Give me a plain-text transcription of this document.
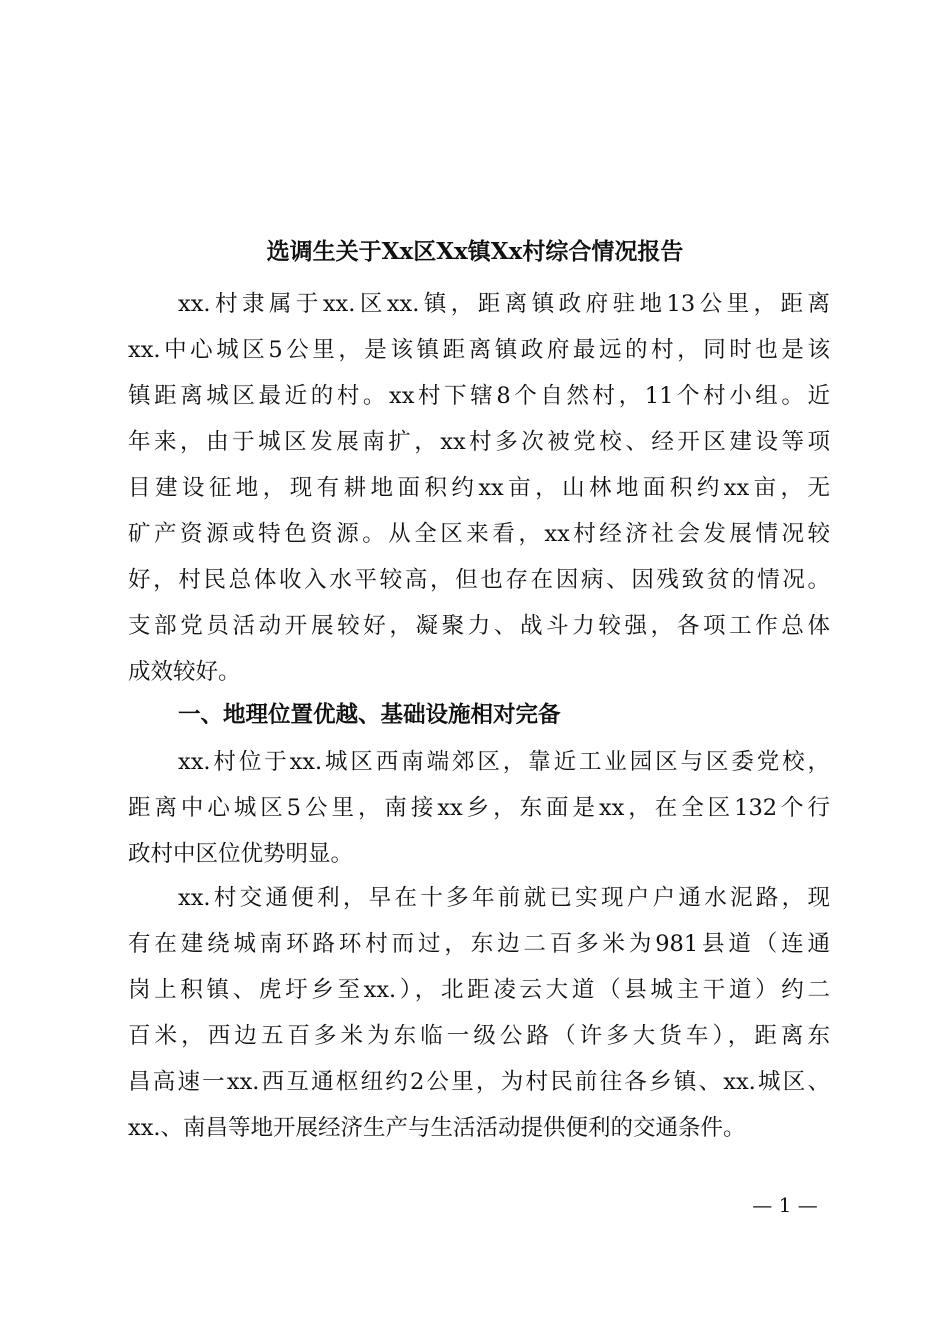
选调生关于Xx区Xx镇Xx村综合情况报告
xx.村隶属于xx.区xx.镇，距离镇政府驻地13公里，距离
xx.中心城区5公里，是该镇距离镇政府最远的村，同时也是该
镇距离城区最近的村。xx村下辖8个自然村，11个村小组。近
年来，由于城区发展南扩，xx村多次被党校、经开区建设等项
目建设征地，现有耕地面积约xx亩，山林地面积约xx亩，无
矿产资源或特色资源。从全区来看，xx村经济社会发展情况较
好，村民总体收入水平较高，但也存在因病、因残致贫的情况。
支部党员活动开展较好，凝聚力、战斗力较强，各项工作总体
成效较好。
一、地理位置优越、基础设施相对完备
xx.村位于xx.城区西南端郊区，靠近工业园区与区委党校，
距离中心城区5公里，南接xx乡，东面是xx，在全区132个行
政村中区位优势明显。
xx.村交通便利，早在十多年前就已实现户户通水泥路，现
有在建绕城南环路环村而过，东边二百多米为981县道（连通
岗上积镇、虎圩乡至xx.），北距凌云大道（县城主干道）约二
百米，西边五百多米为东临一级公路（许多大货车），距离东
昌高速一xx.西互通枢纽约2公里，为村民前往各乡镇、xx.城区、
xx.、南昌等地开展经济生产与生活活动提供便利的交通条件。
— 1 —
